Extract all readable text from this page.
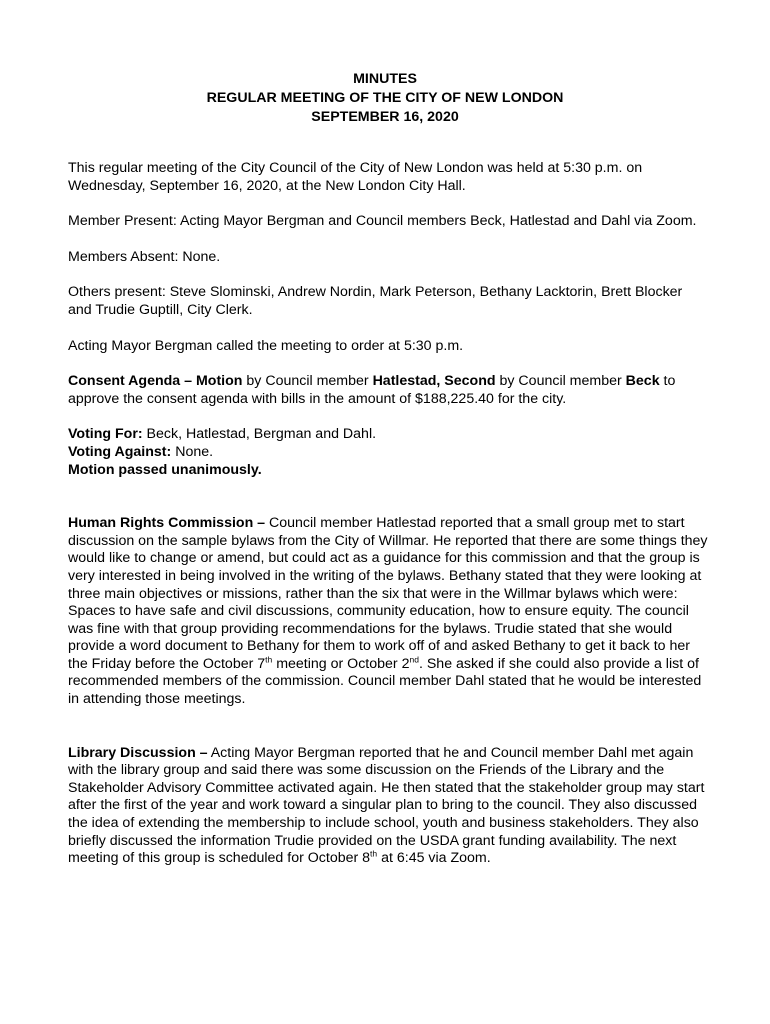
MINUTES
REGULAR MEETING OF THE CITY OF NEW LONDON
SEPTEMBER 16, 2020

This regular meeting of the City Council of the City of New London was held at 5:30 p.m. on Wednesday, September 16, 2020, at the New London City Hall.

Member Present: Acting Mayor Bergman and Council members Beck, Hatlestad and Dahl via Zoom.

Members Absent: None.

Others present: Steve Slominski, Andrew Nordin, Mark Peterson, Bethany Lacktorin, Brett Blocker and Trudie Guptill, City Clerk.

Acting Mayor Bergman called the meeting to order at 5:30 p.m.

Consent Agenda – Motion by Council member Hatlestad, Second by Council member Beck to approve the consent agenda with bills in the amount of $188,225.40 for the city.

Voting For: Beck, Hatlestad, Bergman and Dahl.
Voting Against: None.
Motion passed unanimously.

Human Rights Commission – Council member Hatlestad reported that a small group met to start discussion on the sample bylaws from the City of Willmar. He reported that there are some things they would like to change or amend, but could act as a guidance for this commission and that the group is very interested in being involved in the writing of the bylaws. Bethany stated that they were looking at three main objectives or missions, rather than the six that were in the Willmar bylaws which were: Spaces to have safe and civil discussions, community education, how to ensure equity. The council was fine with that group providing recommendations for the bylaws. Trudie stated that she would provide a word document to Bethany for them to work off of and asked Bethany to get it back to her the Friday before the October 7th meeting or October 2nd. She asked if she could also provide a list of recommended members of the commission. Council member Dahl stated that he would be interested in attending those meetings.

Library Discussion – Acting Mayor Bergman reported that he and Council member Dahl met again with the library group and said there was some discussion on the Friends of the Library and the Stakeholder Advisory Committee activated again. He then stated that the stakeholder group may start after the first of the year and work toward a singular plan to bring to the council. They also discussed the idea of extending the membership to include school, youth and business stakeholders. They also briefly discussed the information Trudie provided on the USDA grant funding availability. The next meeting of this group is scheduled for October 8th at 6:45 via Zoom.
